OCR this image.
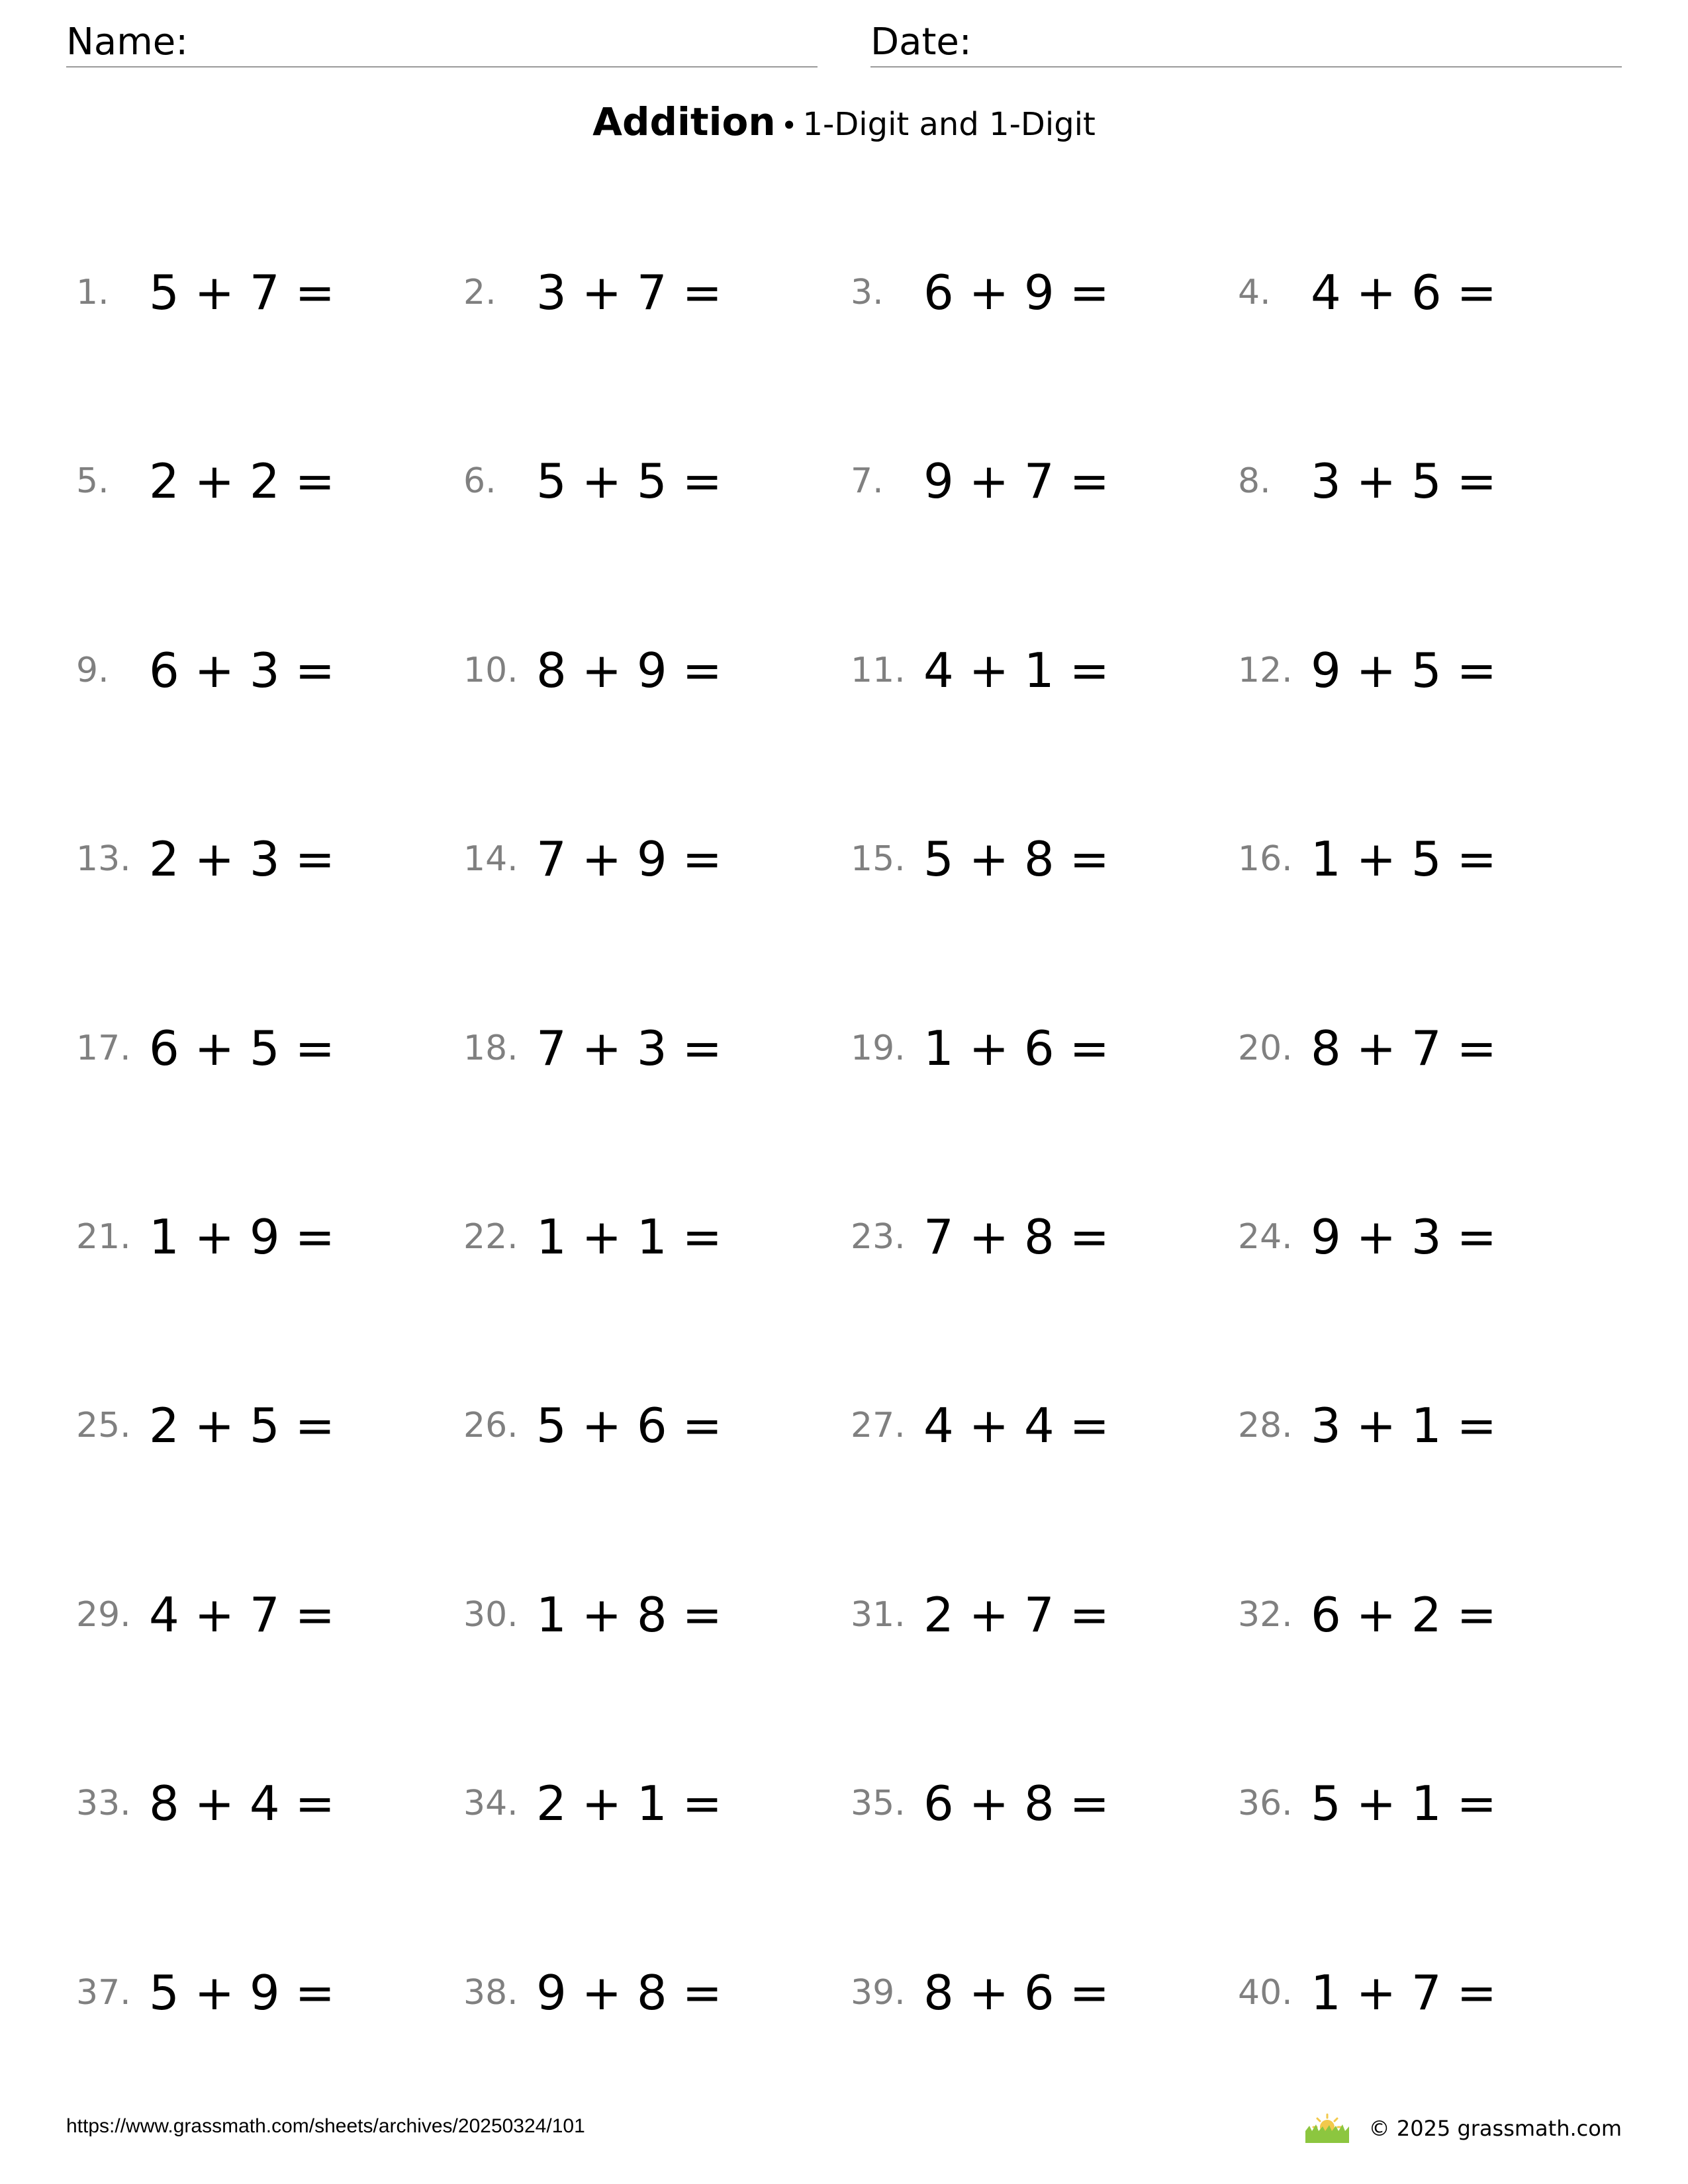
Name:	Date:
Addition • 1-Digit and 1-Digit
1. 5 + 7 =	2. 3 + 7 =	3. 6 + 9 =	4. 4 + 6 =
5. 2 + 2 =	6. 5 + 5 =	7. 9 + 7 =	8. 3 + 5 =
9. 6 + 3 =	10. 8 + 9 =	11. 4 + 1 =	12. 9 + 5 =
13. 2 + 3 =	14. 7 + 9 =	15. 5 + 8 =	16. 1 + 5 =
17. 6 + 5 =	18. 7 + 3 =	19. 1 + 6 =	20. 8 + 7 =
21. 1 + 9 =	22. 1 + 1 =	23. 7 + 8 =	24. 9 + 3 =
25. 2 + 5 =	26. 5 + 6 =	27. 4 + 4 =	28. 3 + 1 =
29. 4 + 7 =	30. 1 + 8 =	31. 2 + 7 =	32. 6 + 2 =
33. 8 + 4 =	34. 2 + 1 =	35. 6 + 8 =	36. 5 + 1 =
37. 5 + 9 =	38. 9 + 8 =	39. 8 + 6 =	40. 1 + 7 =
https://www.grassmath.com/sheets/archives/20250324/101	© 2025 grassmath.com
